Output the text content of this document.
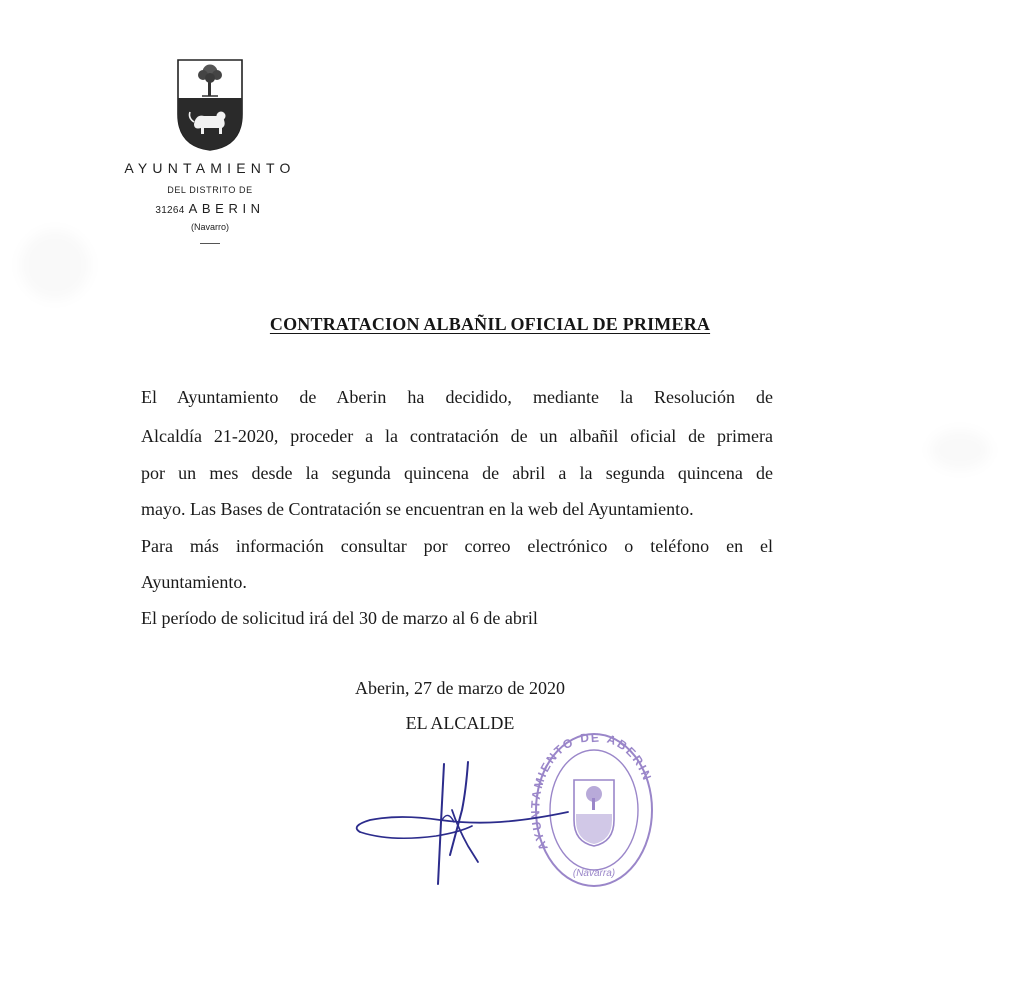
AYUNTAMIENTO
DEL DISTRITO DE
31264 ABERIN
(Navarro)
CONTRATACION ALBAÑIL OFICIAL DE PRIMERA
El Ayuntamiento de Aberin ha decidido, mediante la Resolución de
Alcaldía 21-2020, proceder a la contratación de un albañil oficial de primera
por un mes desde la segunda quincena de abril a la segunda quincena de
mayo. Las Bases de Contratación se encuentran en la web del Ayuntamiento.
Para más información consultar por correo electrónico o teléfono en el
Ayuntamiento.
El período de solicitud irá del 30 de marzo al 6 de abril
Aberin, 27 de marzo de 2020
EL ALCALDE
AYUNTAMIENTO DE ABERIN
(Navarra)
